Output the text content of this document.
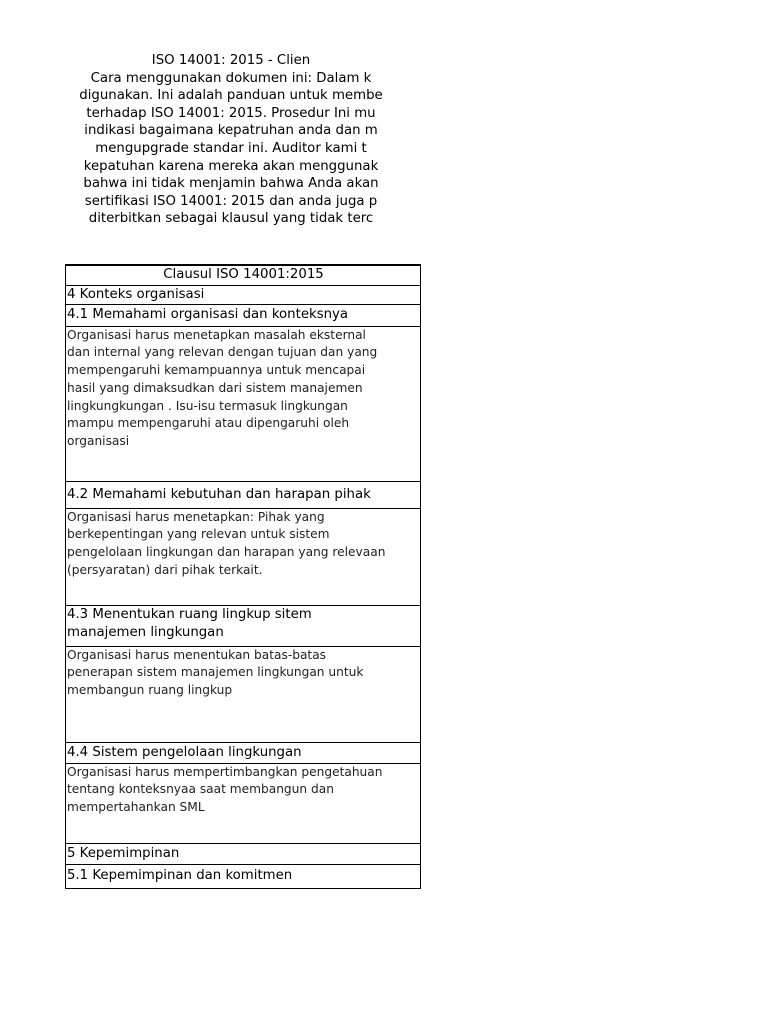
ISO 14001: 2015 - Clien
Cara menggunakan dokumen ini: Dalam k
digunakan. Ini adalah panduan untuk membe
terhadap ISO 14001: 2015. Prosedur Ini mu
indikasi bagaimana kepatruhan anda dan m
mengupgrade standar ini. Auditor kami t
kepatuhan karena mereka akan menggunak
bahwa ini tidak menjamin bahwa Anda akan
sertifikasi ISO 14001: 2015 dan anda juga p
diterbitkan sebagai klausul yang tidak terc
Clausul ISO 14001:2015
4 Konteks organisasi
4.1 Memahami organisasi dan konteksnya

Organisasi harus menetapkan masalah eksternal
dan internal yang relevan dengan tujuan dan yang
mempengaruhi kemampuannya untuk mencapai
hasil yang dimaksudkan dari sistem manajemen
lingkungkungan . Isu-isu termasuk lingkungan
mampu mempengaruhi atau dipengaruhi oleh
organisasi

4.2 Memahami kebutuhan dan harapan pihak

Organisasi harus menetapkan: Pihak yang
berkepentingan yang relevan untuk sistem
pengelolaan lingkungan dan harapan yang relevaan
(persyaratan) dari pihak terkait.

4.3 Menentukan ruang lingkup sitem
manajemen lingkungan

Organisasi harus menentukan batas-batas
penerapan sistem manajemen lingkungan untuk
membangun ruang lingkup

4.4 Sistem pengelolaan lingkungan

Organisasi harus mempertimbangkan pengetahuan
tentang konteksnyaa saat membangun dan
mempertahankan SML

5 Kepemimpinan
5.1 Kepemimpinan dan komitmen
